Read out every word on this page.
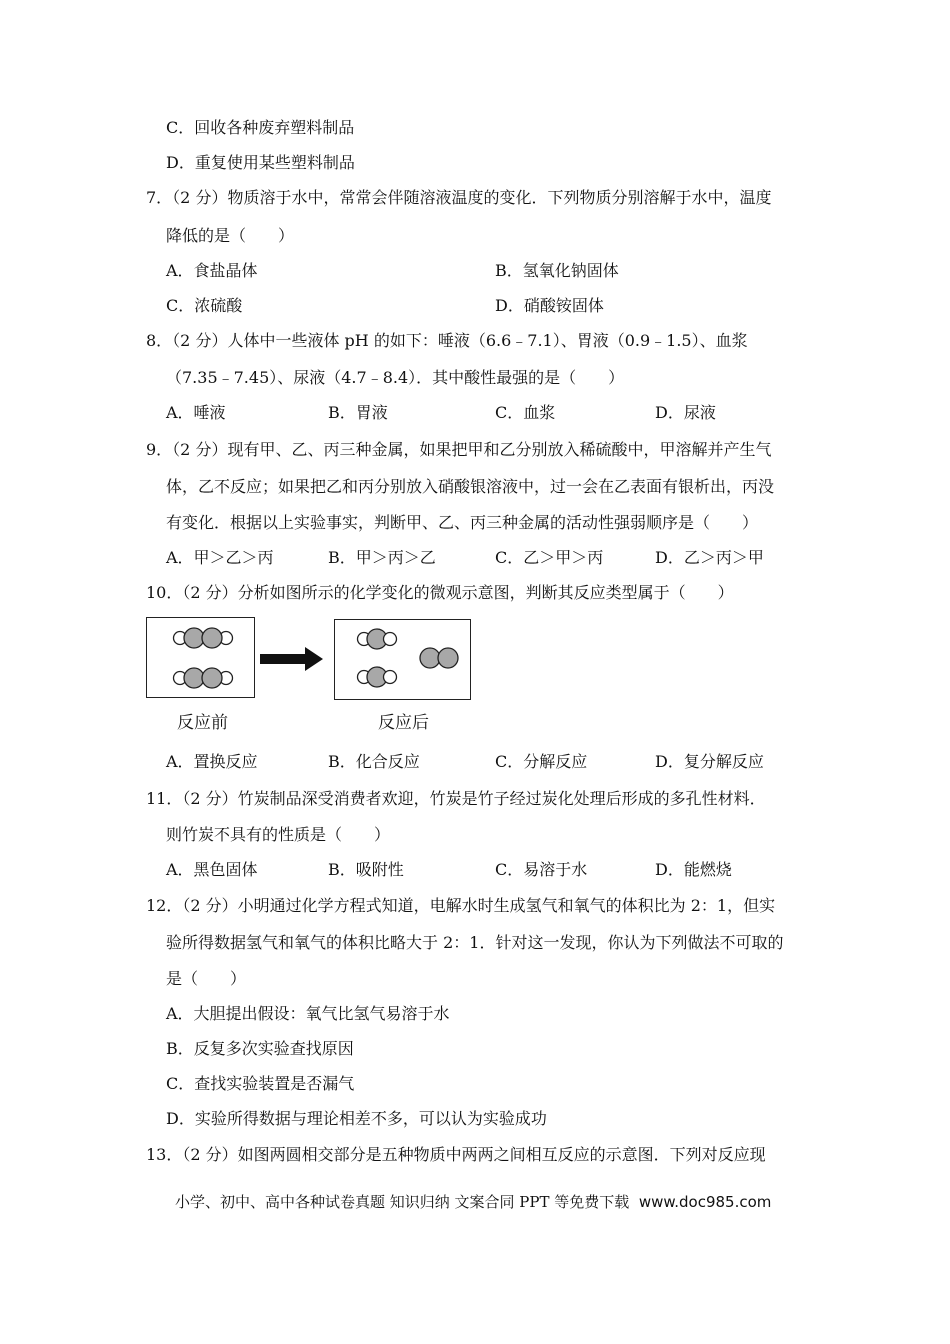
C．回收各种废弃塑料制品
D．重复使用某些塑料制品
7．（2 分）物质溶于水中，常常会伴随溶液温度的变化．下列物质分别溶解于水中，温度
降低的是（　　）
A．食盐晶体	B．氢氧化钠固体
C．浓硫酸	D．硝酸铵固体
8．（2 分）人体中一些液体 pH 的如下：唾液（6.6﹣7.1）、胃液（0.9﹣1.5）、血浆
（7.35﹣7.45）、尿液（4.7﹣8.4）．其中酸性最强的是（　　）
A．唾液	B．胃液	C．血浆	D．尿液
9．（2 分）现有甲、乙、丙三种金属，如果把甲和乙分别放入稀硫酸中，甲溶解并产生气
体，乙不反应；如果把乙和丙分别放入硝酸银溶液中，过一会在乙表面有银析出，丙没
有变化．根据以上实验事实，判断甲、乙、丙三种金属的活动性强弱顺序是（　　）
A．甲＞乙＞丙	B．甲＞丙＞乙	C．乙＞甲＞丙	D．乙＞丙＞甲
10．（2 分）分析如图所示的化学变化的微观示意图，判断其反应类型属于（　　）
反应前	反应后
A．置换反应	B．化合反应	C．分解反应	D．复分解反应
11．（2 分）竹炭制品深受消费者欢迎，竹炭是竹子经过炭化处理后形成的多孔性材料．
则竹炭不具有的性质是（　　）
A．黑色固体	B．吸附性	C．易溶于水	D．能燃烧
12．（2 分）小明通过化学方程式知道，电解水时生成氢气和氧气的体积比为 2：1，但实
验所得数据氢气和氧气的体积比略大于 2：1．针对这一发现，你认为下列做法不可取的
是（　　）
A．大胆提出假设：氧气比氢气易溶于水
B．反复多次实验查找原因
C．查找实验装置是否漏气
D．实验所得数据与理论相差不多，可以认为实验成功
13．（2 分）如图两圆相交部分是五种物质中两两之间相互反应的示意图．下列对反应现
小学、初中、高中各种试卷真题 知识归纳 文案合同 PPT 等免费下载 www.doc985.com
